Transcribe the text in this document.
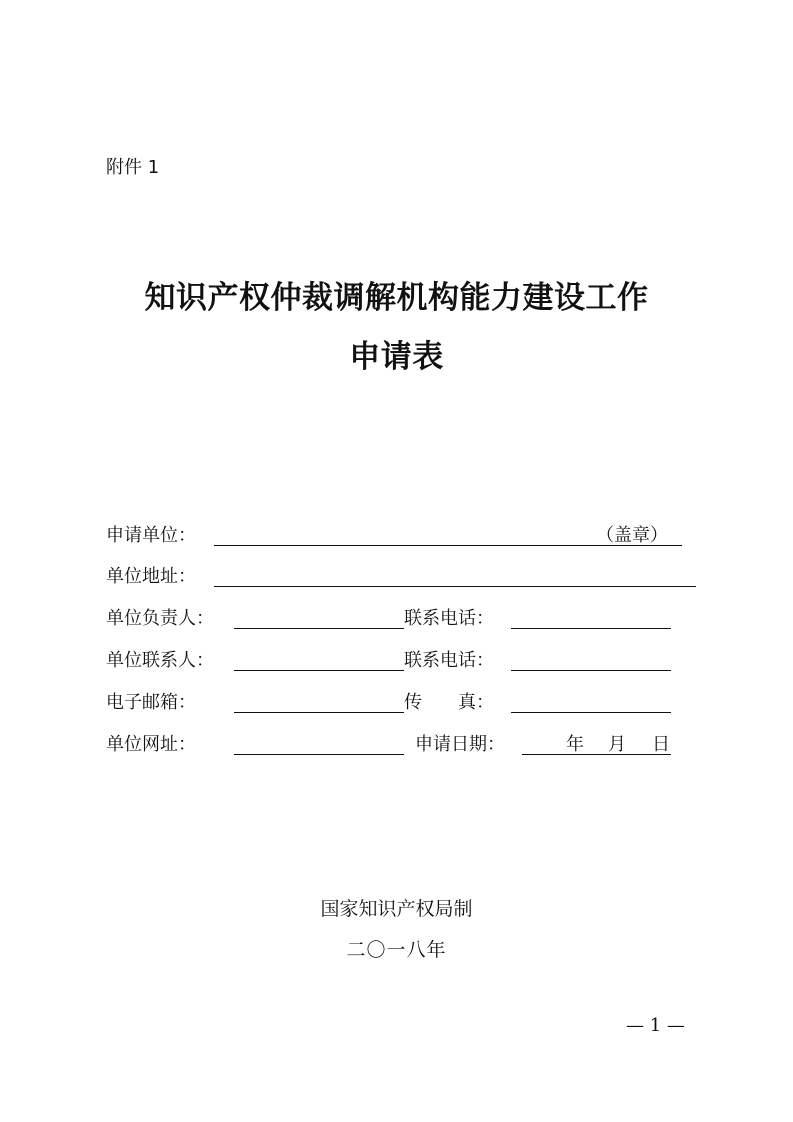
附件 1
知识产权仲裁调解机构能力建设工作
申请表
申请单位：	（盖章）
单位地址：
单位负责人：	联系电话：
单位联系人：	联系电话：
电子邮箱：	传　　真：
单位网址：	申请日期：	年 月 日
国家知识产权局制
二〇一八年
— 1 —
